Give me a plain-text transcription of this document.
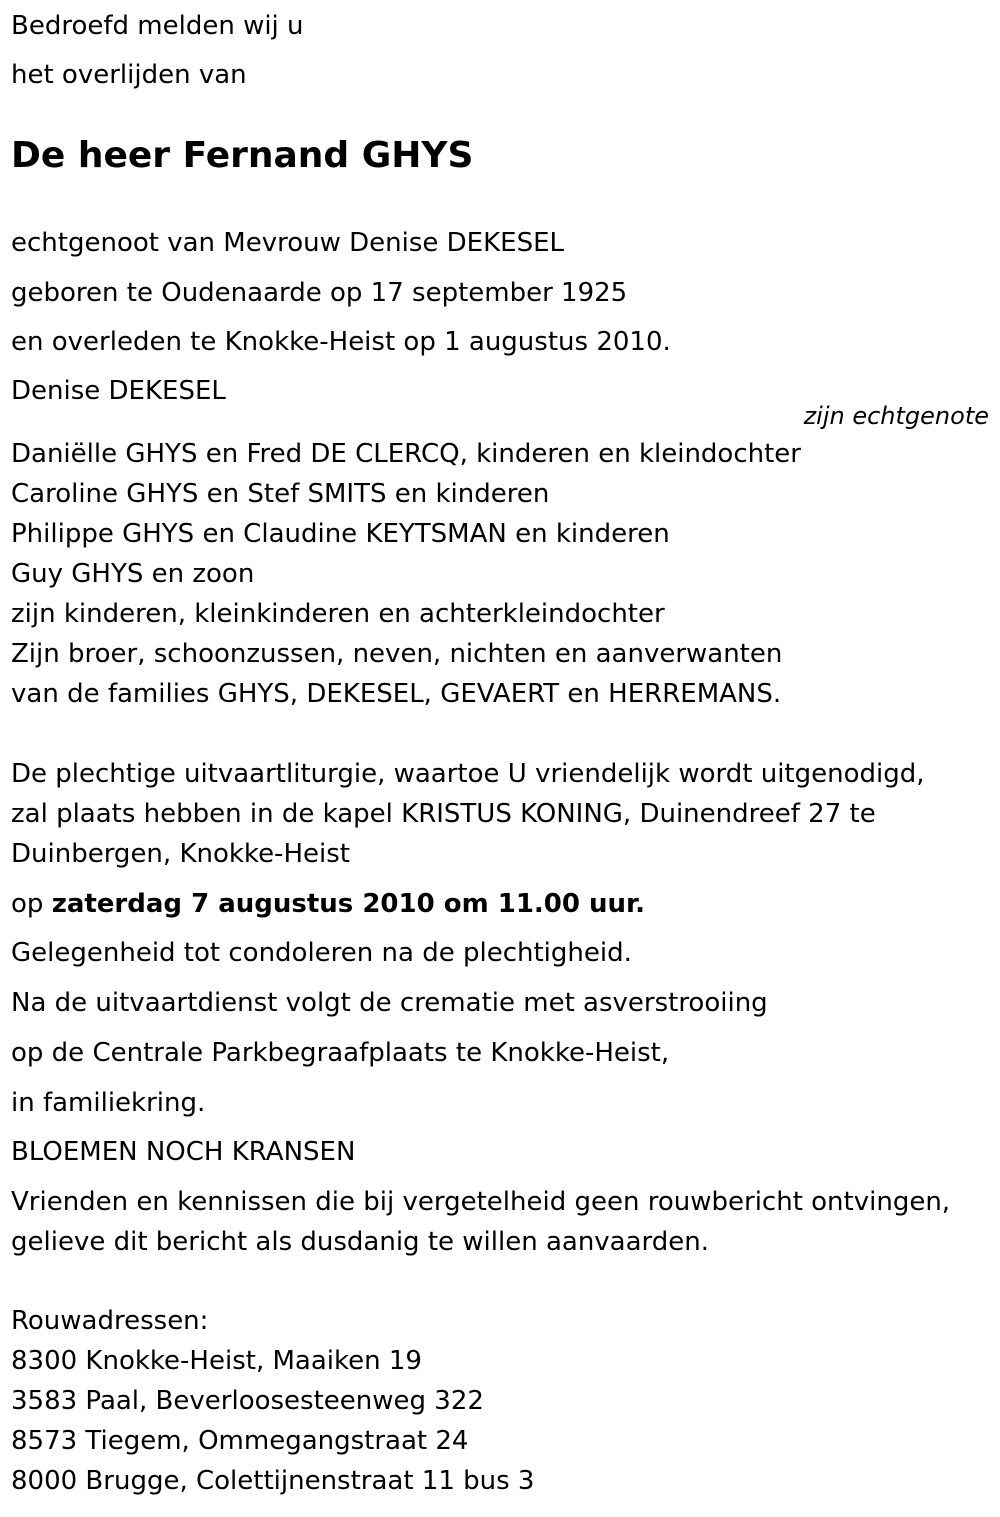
Bedroefd melden wij u

het overlijden van

De heer Fernand GHYS

echtgenoot van Mevrouw Denise DEKESEL

geboren te Oudenaarde op 17 september 1925

en overleden te Knokke-Heist op 1 augustus 2010.

Denise DEKESEL

zijn echtgenote

Daniëlle GHYS en Fred DE CLERCQ, kinderen en kleindochter

Caroline GHYS en Stef SMITS en kinderen

Philippe GHYS en Claudine KEYTSMAN en kinderen

Guy GHYS en zoon

zijn kinderen, kleinkinderen en achterkleindochter

Zijn broer, schoonzussen, neven, nichten en aanverwanten

van de families GHYS, DEKESEL, GEVAERT en HERREMANS.

De plechtige uitvaartliturgie, waartoe U vriendelijk wordt uitgenodigd,

zal plaats hebben in de kapel KRISTUS KONING, Duinendreef 27 te

Duinbergen, Knokke-Heist

op zaterdag 7 augustus 2010 om 11.00 uur.

Gelegenheid tot condoleren na de plechtigheid.

Na de uitvaartdienst volgt de crematie met asverstrooiing

op de Centrale Parkbegraafplaats te Knokke-Heist,

in familiekring.

BLOEMEN NOCH KRANSEN

Vrienden en kennissen die bij vergetelheid geen rouwbericht ontvingen,

gelieve dit bericht als dusdanig te willen aanvaarden.

Rouwadressen:

8300 Knokke-Heist, Maaiken 19

3583 Paal, Beverloosesteenweg 322

8573 Tiegem, Ommegangstraat 24

8000 Brugge, Colettijnenstraat 11 bus 3
